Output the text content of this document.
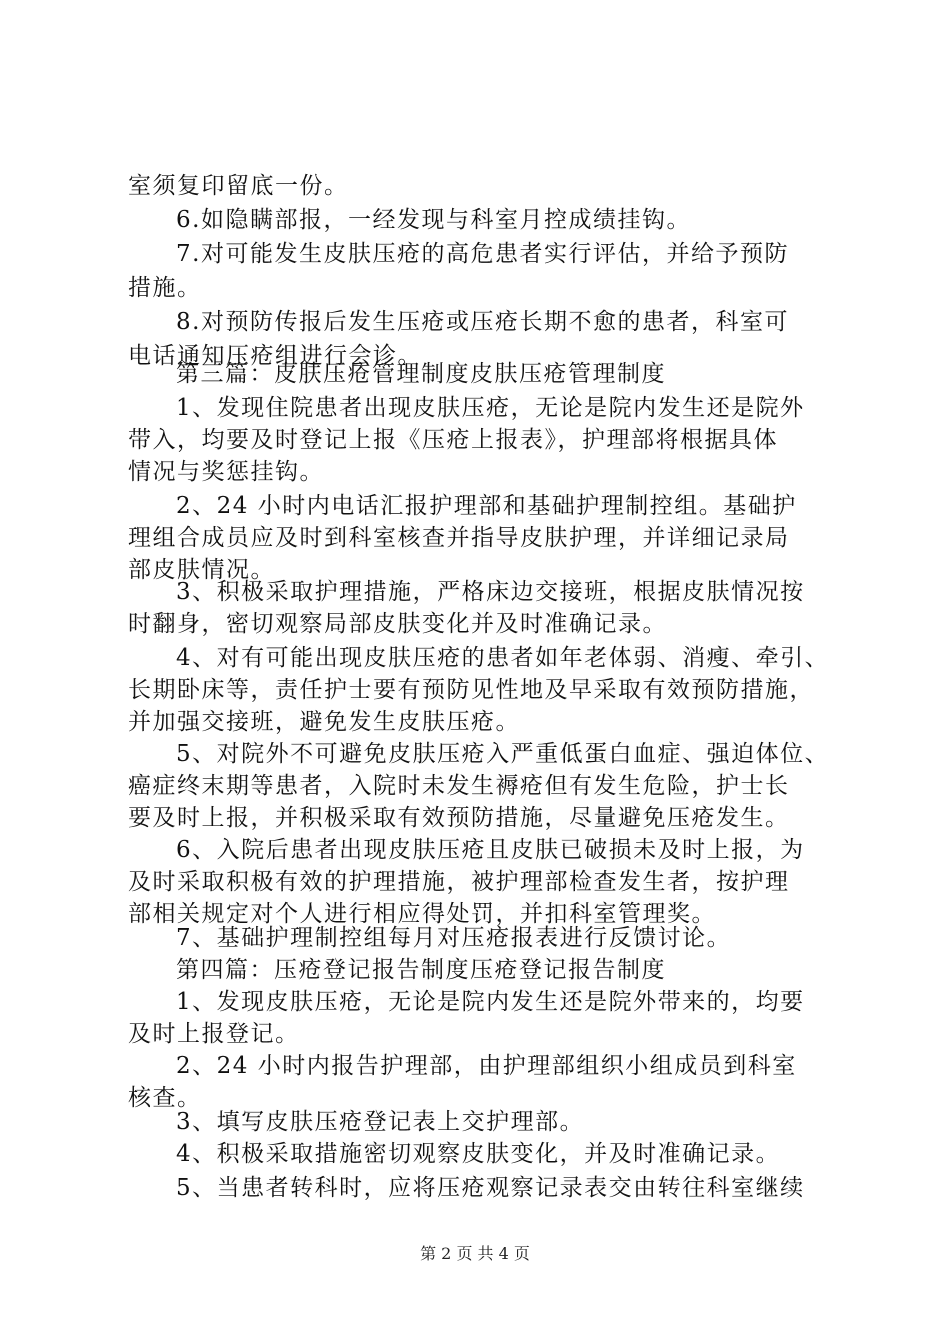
室须复印留底一份。
6.如隐瞒部报，一经发现与科室月控成绩挂钩。
7.对可能发生皮肤压疮的高危患者实行评估，并给予预防
措施。
8.对预防传报后发生压疮或压疮长期不愈的患者，科室可
电话通知压疮组进行会诊。
第三篇：皮肤压疮管理制度皮肤压疮管理制度
1、发现住院患者出现皮肤压疮，无论是院内发生还是院外
带入，均要及时登记上报《压疮上报表》，护理部将根据具体
情况与奖惩挂钩。
2、24 小时内电话汇报护理部和基础护理制控组。基础护
理组合成员应及时到科室核查并指导皮肤护理，并详细记录局
部皮肤情况。
3、积极采取护理措施，严格床边交接班，根据皮肤情况按
时翻身，密切观察局部皮肤变化并及时准确记录。
4、对有可能出现皮肤压疮的患者如年老体弱、消瘦、牵引、
长期卧床等，责任护士要有预防见性地及早采取有效预防措施，
并加强交接班，避免发生皮肤压疮。
5、对院外不可避免皮肤压疮入严重低蛋白血症、强迫体位、
癌症终末期等患者，入院时未发生褥疮但有发生危险，护士长
要及时上报，并积极采取有效预防措施，尽量避免压疮发生。
6、入院后患者出现皮肤压疮且皮肤已破损未及时上报，为
及时采取积极有效的护理措施，被护理部检查发生者，按护理
部相关规定对个人进行相应得处罚，并扣科室管理奖。
7、基础护理制控组每月对压疮报表进行反馈讨论。
第四篇：压疮登记报告制度压疮登记报告制度
1、发现皮肤压疮，无论是院内发生还是院外带来的，均要
及时上报登记。
2、24 小时内报告护理部，由护理部组织小组成员到科室
核查。
3、填写皮肤压疮登记表上交护理部。
4、积极采取措施密切观察皮肤变化，并及时准确记录。
5、当患者转科时，应将压疮观察记录表交由转往科室继续
第 2 页 共 4 页
